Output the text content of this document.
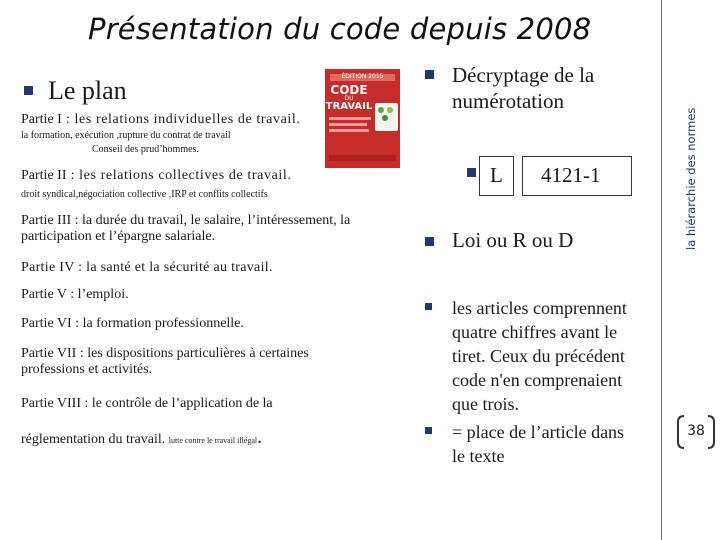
Présentation du code depuis 2008
la hiérarchie des normes
38
Le plan	ÉDITION 2015
CODE
DU
TRAVAIL
Partie I : les relations individuelles de travail.
la formation, exécution ,rupture du contrat de travail
Conseil des prud’hommes.
Partie II : les relations collectives de travail.
droit syndical,négociation collective ,IRP et conflits collectifs
Partie III : la durée du travail, le salaire, l’intéressement, la
participation et l’épargne salariale.
Partie IV : la santé et la sécurité au travail.
Partie V : l’emploi.
Partie VI : la formation professionnelle.
Partie VII : les dispositions particulières à certaines
professions et activités.
Partie VIII : le contrôle de l’application de la
réglementation du travail. lutte contre le travail illégal.
Décryptage de la
numérotation
L 4121-1
Loi ou R ou D
les articles comprennent
quatre chiffres avant le
tiret. Ceux du précédent
code n'en comprenaient
que trois.
= place de l’article dans
le texte
